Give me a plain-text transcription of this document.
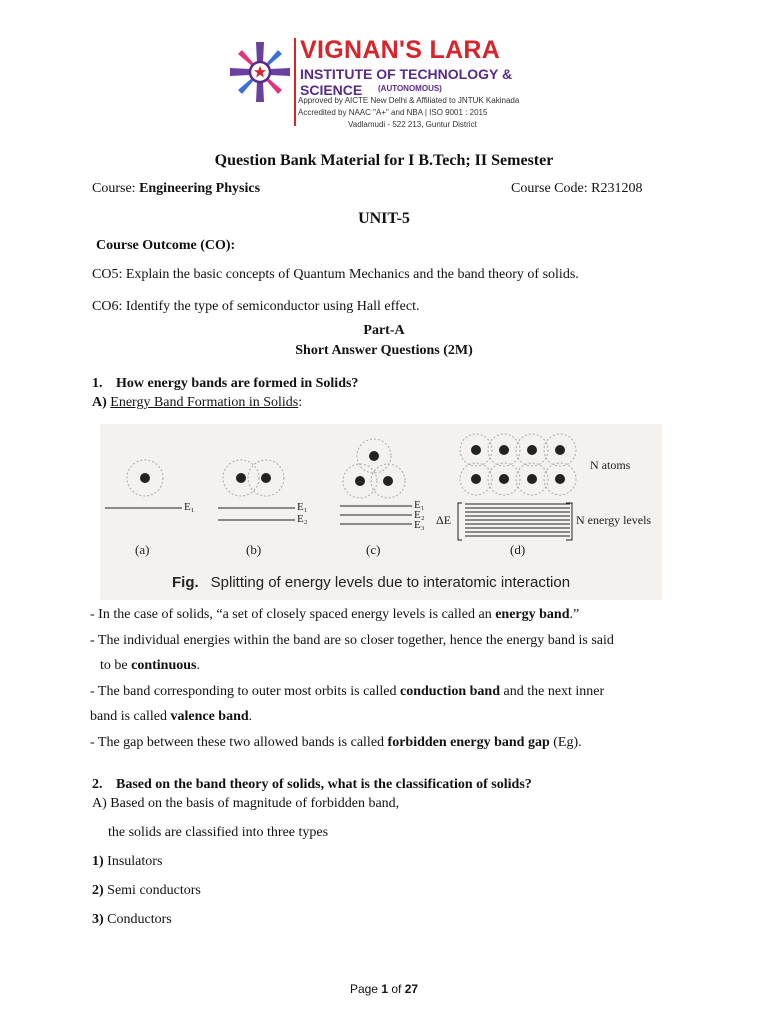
VIGNAN'S LARA
INSTITUTE OF TECHNOLOGY & SCIENCE	(AUTONOMOUS)
Approved by AICTE New Delhi & Affiliated to JNTUK Kakinada
Accredited by NAAC "A+" and NBA | ISO 9001 : 2015
Vadlamudi - 522 213, Guntur District
Question Bank Material for I B.Tech; II Semester
Course: Engineering Physics	Course Code: R231208
UNIT-5
Course Outcome (CO):
CO5: Explain the basic concepts of Quantum Mechanics and the band theory of solids.
CO6: Identify the type of semiconductor using Hall effect.
Part-A
Short Answer Questions (2M)
1. How energy bands are formed in Solids?
A) Energy Band Formation in Solids:
E₁	E₁
E₂
E₁
E₂
E₃
N atoms
N energy levels
ΔE
(a)	(b)	(c)	(d)
Fig. Splitting of energy levels due to interatomic interaction
- In the case of solids, “a set of closely spaced energy levels is called an energy band.”
- The individual energies within the band are so closer together, hence the energy band is said
to be continuous.
- The band corresponding to outer most orbits is called conduction band and the next inner
band is called valence band.
- The gap between these two allowed bands is called forbidden energy band gap (Eg).
2. Based on the band theory of solids, what is the classification of solids?
A) Based on the basis of magnitude of forbidden band,
the solids are classified into three types
1) Insulators
2) Semi conductors
3) Conductors
Page 1 of 27
